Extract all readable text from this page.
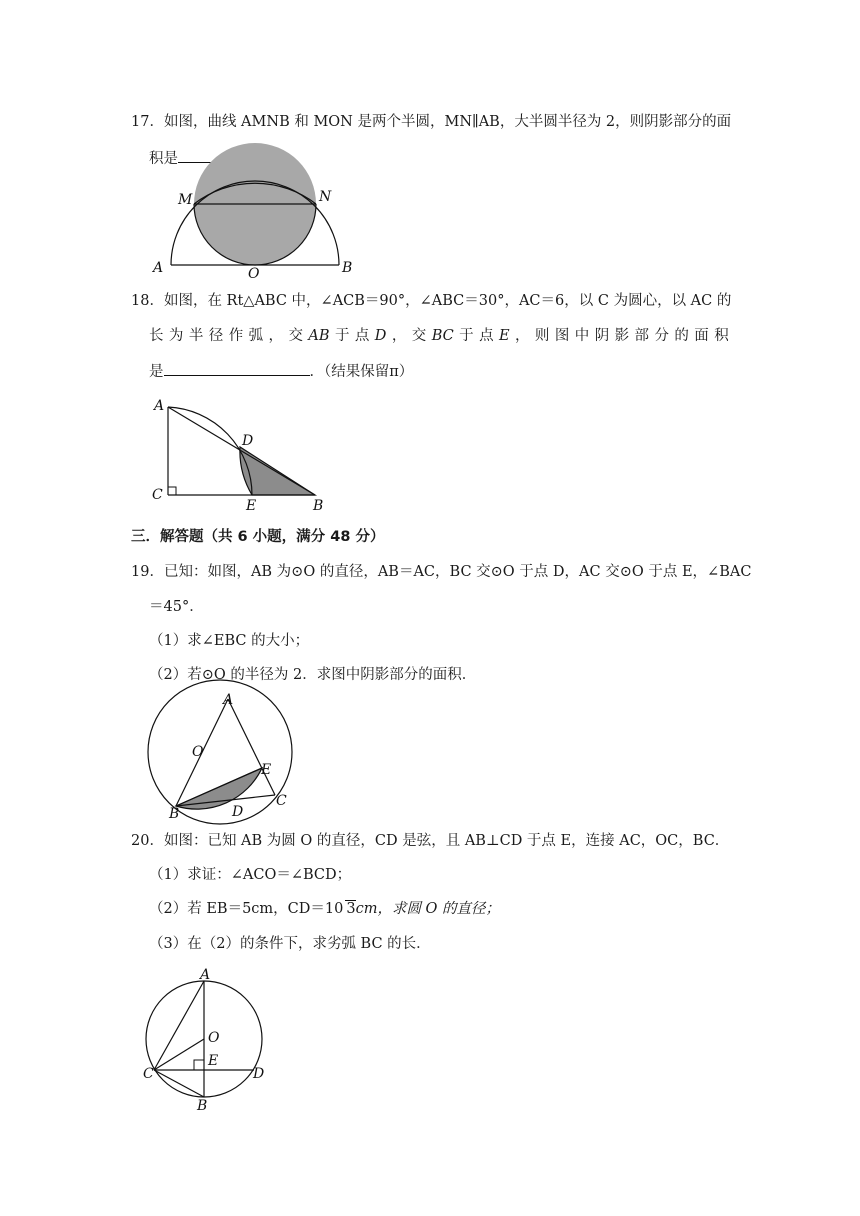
17．如图，曲线 AMNB 和 MON 是两个半圆，MN∥AB，大半圆半径为 2，则阴影部分的面
积是
M	N
A	O	B
18．如图，在 Rt△ABC 中，∠ACB＝90°，∠ABC＝30°，AC＝6，以 C 为圆心，以 AC 的
长 为 半 径 作 弧 ， 交 AB 于 点 D ， 交 BC 于 点 E ， 则 图 中 阴 影 部 分 的 面 积
是	．（结果保留π）
A
D
C
E	B
三．解答题（共 6 小题，满分 48 分）
19．已知：如图，AB 为⊙O 的直径，AB＝AC，BC 交⊙O 于点 D，AC 交⊙O 于点 E，∠BAC
＝45°．
（1）求∠EBC 的大小；
（2）若⊙O 的半径为 2．求图中阴影部分的面积．
A
O
E
B	D
C
20．如图：已知 AB 为圆 O 的直径，CD 是弦，且 AB⊥CD 于点 E，连接 AC，OC，BC．
（1）求证：∠ACO＝∠BCD；
（2）若 EB＝5cm，CD＝10 3cm，求圆 O 的直径；
（3）在（2）的条件下，求劣弧 BC 的长．
A
O
E
C	D
B
